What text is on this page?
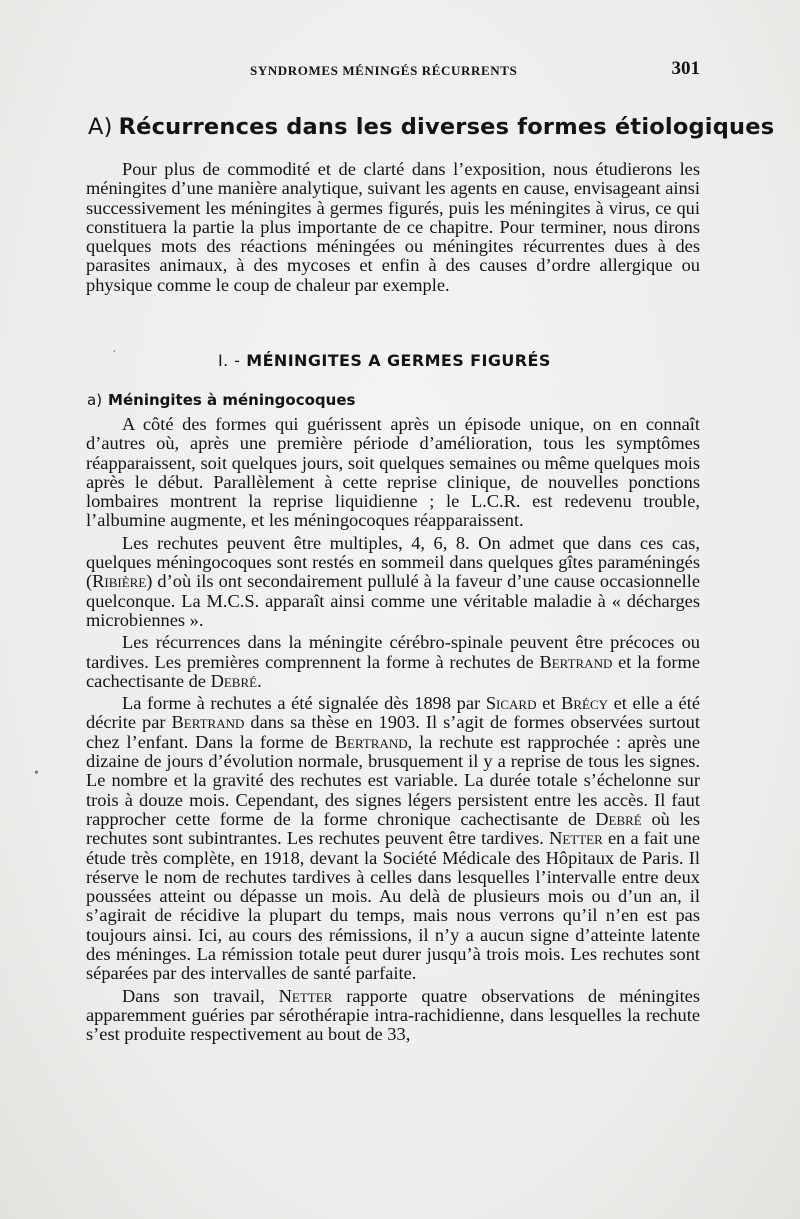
SYNDROMES MÉNINGÉS RÉCURRENTS	301
A) Récurrences dans les diverses formes étiologiques

Pour plus de commodité et de clarté dans l’exposition, nous étudierons les méningites d’une manière analytique, suivant les agents en cause, envisageant ainsi successivement les méningites à germes figurés, puis les méningites à virus, ce qui constituera la partie la plus importante de ce chapitre. Pour terminer, nous dirons quelques mots des réactions méningées ou méningites récurrentes dues à des parasites animaux, à des mycoses et enfin à des causes d’ordre allergique ou physique comme le coup de chaleur par exemple.

I. - MÉNINGITES A GERMES FIGURÉS
a) Méningites à méningocoques

A côté des formes qui guérissent après un épisode unique, on en connaît d’autres où, après une première période d’amélioration, tous les symptômes réapparaissent, soit quelques jours, soit quelques semaines ou même quelques mois après le début. Parallèlement à cette reprise clinique, de nouvelles ponctions lombaires montrent la reprise liquidienne ; le L.C.R. est redevenu trouble, l’albumine augmente, et les méningocoques réapparaissent.

Les rechutes peuvent être multiples, 4, 6, 8. On admet que dans ces cas, quelques méningocoques sont restés en sommeil dans quelques gîtes paraméningés (Ribière) d’où ils ont secondairement pullulé à la faveur d’une cause occasionnelle quelconque. La M.C.S. apparaît ainsi comme une véritable maladie à « décharges microbiennes ».

Les récurrences dans la méningite cérébro-spinale peuvent être précoces ou tardives. Les premières comprennent la forme à rechutes de Bertrand et la forme cachectisante de Debré.

La forme à rechutes a été signalée dès 1898 par Sicard et Brécy et elle a été décrite par Bertrand dans sa thèse en 1903. Il s’agit de formes observées surtout chez l’enfant. Dans la forme de Bertrand, la rechute est rapprochée : après une dizaine de jours d’évolution normale, brusquement il y a reprise de tous les signes. Le nombre et la gravité des rechutes est variable. La durée totale s’échelonne sur trois à douze mois. Cependant, des signes légers persistent entre les accès. Il faut rapprocher cette forme de la forme chronique cachectisante de Debré où les rechutes sont subintrantes. Les rechutes peuvent être tardives. Netter en a fait une étude très complète, en 1918, devant la Société Médicale des Hôpitaux de Paris. Il réserve le nom de rechutes tardives à celles dans lesquelles l’intervalle entre deux poussées atteint ou dépasse un mois. Au delà de plusieurs mois ou d’un an, il s’agirait de récidive la plupart du temps, mais nous verrons qu’il n’en est pas toujours ainsi. Ici, au cours des rémissions, il n’y a aucun signe d’atteinte latente des méninges. La rémission totale peut durer jusqu’à trois mois. Les rechutes sont séparées par des intervalles de santé parfaite.

Dans son travail, Netter rapporte quatre observations de méningites apparemment guéries par sérothérapie intra-rachidienne, dans lesquelles la rechute s’est produite respectivement au bout de 33,

•
·
